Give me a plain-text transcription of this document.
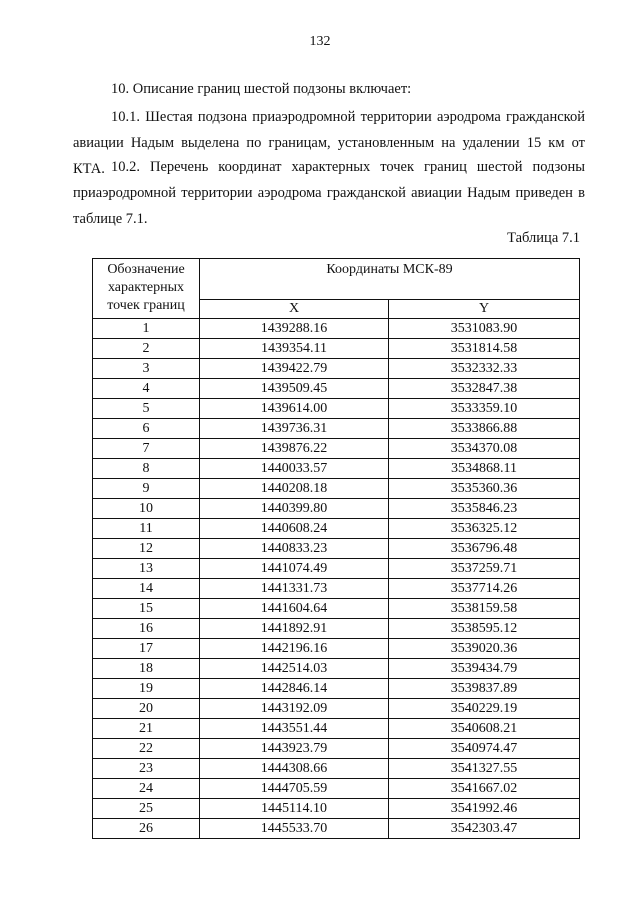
132
10. Описание границ шестой подзоны включает:
10.1. Шестая подзона приаэродромной территории аэродрома гражданской авиации Надым выделена по границам, установленным на удалении 15 км от КТА. 10.2. Перечень координат характерных точек границ шестой подзоны приаэродромной территории аэродрома гражданской авиации Надым приведен в таблице 7.1.
Таблица 7.1
Обозначение характерных точек границ	Координаты МСК-89	
	X	Y
1	1439288.16	3531083.90
2	1439354.11	3531814.58
3	1439422.79	3532332.33
4	1439509.45	3532847.38
5	1439614.00	3533359.10
6	1439736.31	3533866.88
7	1439876.22	3534370.08
8	1440033.57	3534868.11
9	1440208.18	3535360.36
10	1440399.80	3535846.23
11	1440608.24	3536325.12
12	1440833.23	3536796.48
13	1441074.49	3537259.71
14	1441331.73	3537714.26
15	1441604.64	3538159.58
16	1441892.91	3538595.12
17	1442196.16	3539020.36
18	1442514.03	3539434.79
19	1442846.14	3539837.89
20	1443192.09	3540229.19
21	1443551.44	3540608.21
22	1443923.79	3540974.47
23	1444308.66	3541327.55
24	1444705.59	3541667.02
25	1445114.10	3541992.46
26	1445533.70	3542303.47
